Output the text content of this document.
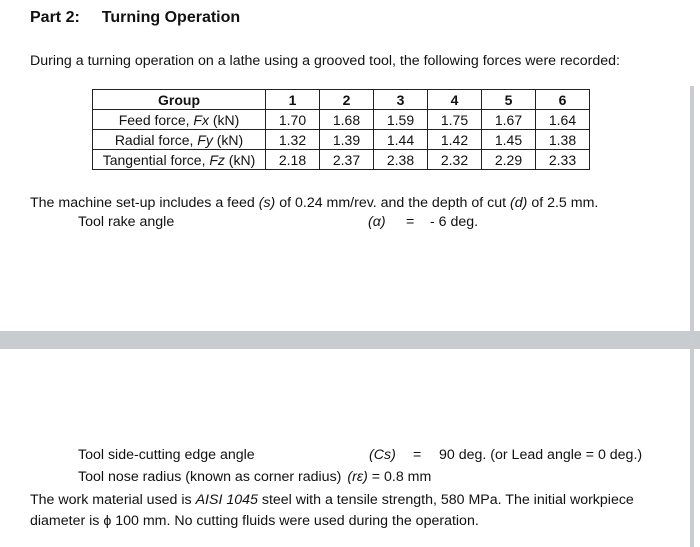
Part 2: Turning Operation
During a turning operation on a lathe using a grooved tool, the following forces were recorded:
Group	1	2	3	4	5	6
Feed force, Fx (kN)	1.70	1.68	1.59	1.75	1.67	1.64
Radial force, Fy (kN)	1.32	1.39	1.44	1.42	1.45	1.38
Tangential force, Fz (kN)	2.18	2.37	2.38	2.32	2.29	2.33
The machine set-up includes a feed (s) of 0.24 mm/rev. and the depth of cut (d) of 2.5 mm.
Tool rake angle	(α) = - 6 deg.
Tool side-cutting edge angle	(Cs) = 90 deg. (or Lead angle = 0 deg.)
Tool nose radius (known as corner radius) (rε) = 0.8 mm
The work material used is AISI 1045 steel with a tensile strength, 580 MPa. The initial workpiece diameter is ϕ 100 mm. No cutting fluids were used during the operation.
